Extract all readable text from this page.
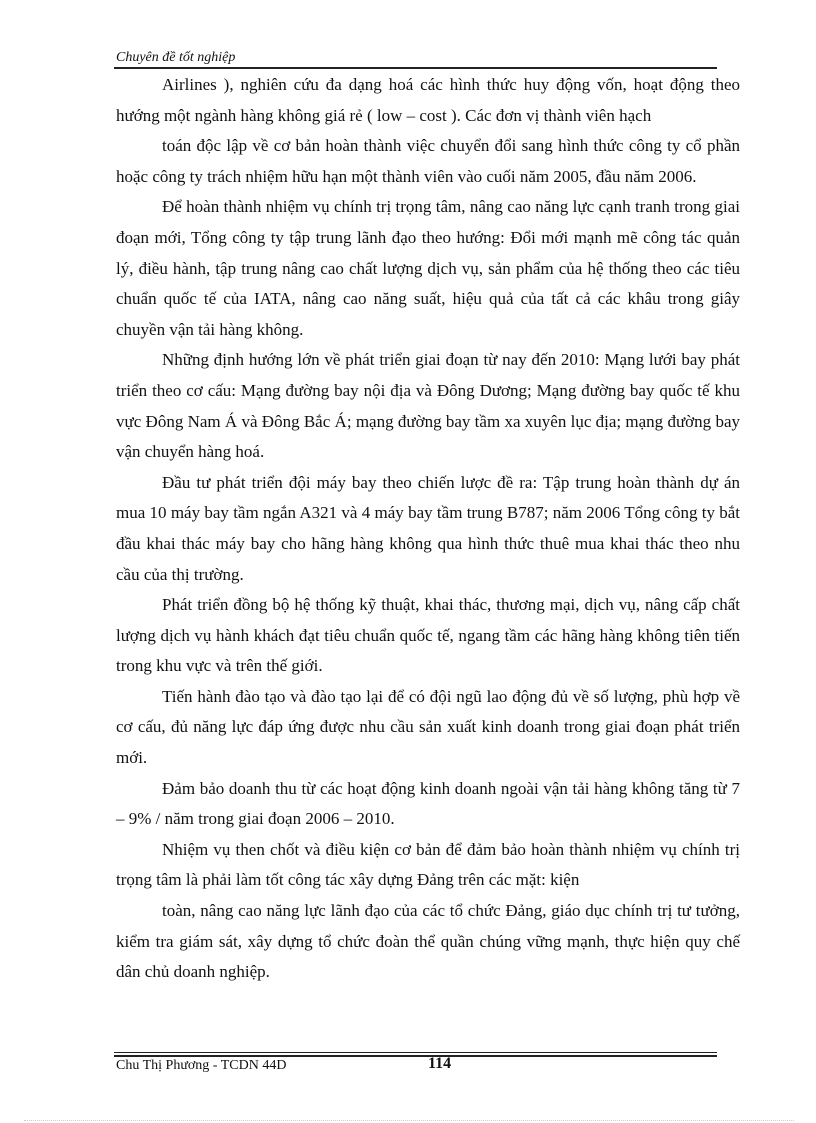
Chuyên đề tốt nghiệp

Airlines ), nghiên cứu đa dạng hoá các hình thức huy động vốn, hoạt động theo hướng một ngành hàng không giá rẻ ( low – cost ). Các đơn vị thành viên hạch

toán độc lập về cơ bản hoàn thành việc chuyển đổi sang hình thức công ty cổ phần hoặc công ty trách nhiệm hữu hạn một thành viên vào cuối năm 2005, đầu năm 2006.

Để hoàn thành nhiệm vụ chính trị trọng tâm, nâng cao năng lực cạnh tranh trong giai đoạn mới, Tổng công ty tập trung lãnh đạo theo hướng: Đổi mới mạnh mẽ công tác quản lý, điều hành, tập trung nâng cao chất lượng dịch vụ, sản phẩm của hệ thống theo các tiêu chuẩn quốc tế của IATA, nâng cao năng suất, hiệu quả của tất cả các khâu trong giây chuyền vận tải hàng không.

Những định hướng lớn về phát triển giai đoạn từ nay đến 2010: Mạng lưới bay phát triển theo cơ cấu: Mạng đường bay nội địa và Đông Dương; Mạng đường bay quốc tế khu vực Đông Nam Á và Đông Bắc Á; mạng đường bay tầm xa xuyên lục địa; mạng đường bay vận chuyển hàng hoá.

Đầu tư phát triển đội máy bay theo chiến lược đề ra: Tập trung hoàn thành dự án mua 10 máy bay tầm ngắn A321 và 4 máy bay tầm trung B787; năm 2006 Tổng công ty bắt đầu khai thác máy bay cho hãng hàng không qua hình thức thuê mua khai thác theo nhu cầu của thị trường.

Phát triển đồng bộ hệ thống kỹ thuật, khai thác, thương mại, dịch vụ, nâng cấp chất lượng dịch vụ hành khách đạt tiêu chuẩn quốc tế, ngang tầm các hãng hàng không tiên tiến trong khu vực và trên thế giới.

Tiến hành đào tạo và đào tạo lại để có đội ngũ lao động đủ về số lượng, phù hợp về cơ cấu, đủ năng lực đáp ứng được nhu cầu sản xuất kinh doanh trong giai đoạn phát triển mới.

Đảm bảo doanh thu từ các hoạt động kinh doanh ngoài vận tải hàng không tăng từ 7 – 9% / năm trong giai đoạn 2006 – 2010.

Nhiệm vụ then chốt và điều kiện cơ bản để đảm bảo hoàn thành nhiệm vụ chính trị trọng tâm là phải làm tốt công tác xây dựng Đảng trên các mặt: kiện

toàn, nâng cao năng lực lãnh đạo của các tổ chức Đảng, giáo dục chính trị tư tưởng, kiểm tra giám sát, xây dựng tổ chức đoàn thể quần chúng vững mạnh, thực hiện quy chế dân chủ doanh nghiệp.

Chu Thị Phương - TCDN 44D	114
